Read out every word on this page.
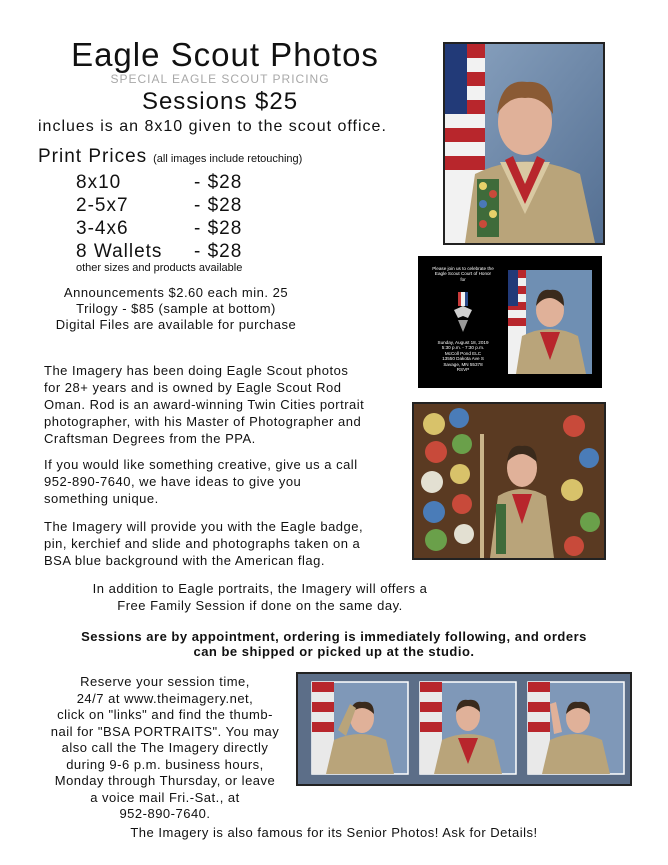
Eagle Scout Photos
SPECIAL EAGLE SCOUT PRICING
Sessions $25
inclues is an 8x10 given to the scout office.
Print Prices (all images include retouching)
8x10	- $28
2-5x7	- $28
3-4x6	- $28
8 Wallets - $28
other sizes and products available
Announcements $2.60 each min. 25
Trilogy - $85 (sample at bottom)
Digital Files are available for purchase
The Imagery has been doing Eagle Scout photos
for 28+ years and is owned by Eagle Scout Rod
Oman. Rod is an award-winning Twin Cities portrait
photographer, with his Master of Photographer and
Craftsman Degrees from the PPA.
If you would like something creative, give us a call
952-890-7640, we have ideas to give you
something unique.
The Imagery will provide you with the Eagle badge,
pin, kerchief and slide and photographs taken on a
BSA blue background with the American flag.
In addition to Eagle portraits, the Imagery will offers a
Free Family Session if done on the same day.
Sessions are by appointment, ordering is immediately following, and orders
can be shipped or picked up at the studio.
Reserve your session time,
24/7 at www.theimagery.net,
click on "links" and find the thumb-
nail for "BSA PORTRAITS". You may
also call the The Imagery directly
during 9-6 p.m. business hours,
Monday through Thursday, or leave
a voice mail Fri.-Sat., at
952-890-7640.
The Imagery is also famous for its Senior Photos! Ask for Details!
Please join us to celebrate the
Eagle Scout Court of Honor
for
Sunday, August 18, 2019
5:30 p.m. - 7:30 p.m.
McColl Pond ELC
13550 Dakota Ave S
Savage, MN 55378
RSVP
